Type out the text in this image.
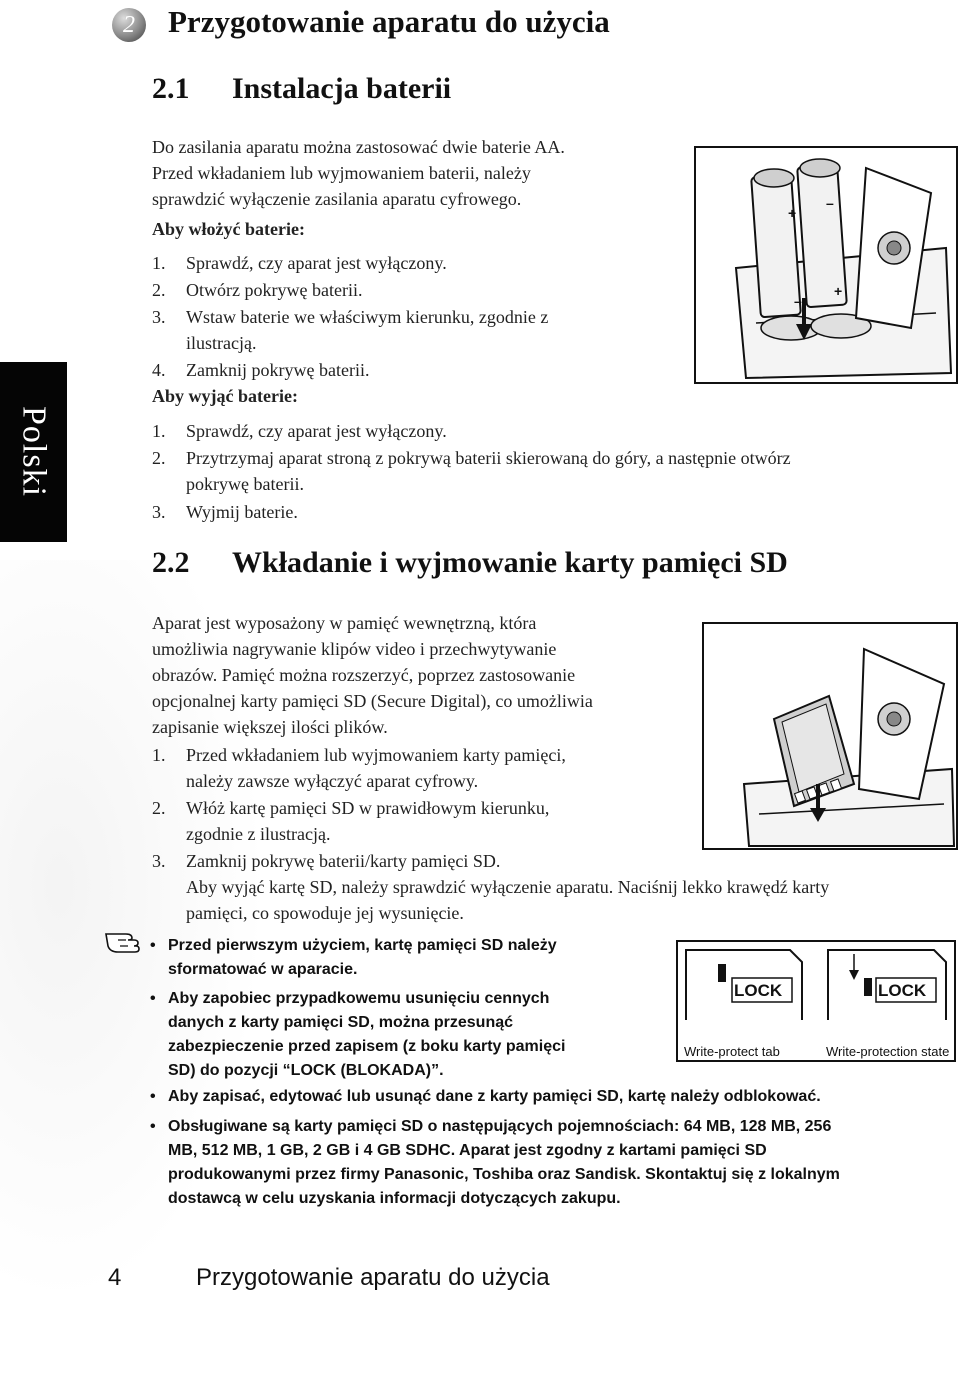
2	Przygotowanie aparatu do użycia
Polski
2.1 Instalacja baterii
Do zasilania aparatu można zastosować dwie baterie AA.
Przed wkładaniem lub wyjmowaniem baterii, należy
sprawdzić wyłączenie zasilania aparatu cyfrowego.
Aby włożyć baterie:
1.	Sprawdź, czy aparat jest wyłączony.
2.	Otwórz pokrywę baterii.
3.	Wstaw baterie we właściwym kierunku, zgodnie z
ilustracją.
4.	Zamknij pokrywę baterii.
Aby wyjąć baterie:
1.	Sprawdź, czy aparat jest wyłączony.
2.	Przytrzymaj aparat stroną z pokrywą baterii skierowaną do góry, a następnie otwórz
pokrywę baterii.
3.	Wyjmij baterie.
+
–
–
+
2.2 Wkładanie i wyjmowanie karty pamięci SD
Aparat jest wyposażony w pamięć wewnętrzną, która
umożliwia nagrywanie klipów video i przechwytywanie
obrazów. Pamięć można rozszerzyć, poprzez zastosowanie
opcjonalnej karty pamięci SD (Secure Digital), co umożliwia
zapisanie większej ilości plików.
1.	Przed wkładaniem lub wyjmowaniem karty pamięci,
należy zawsze wyłączyć aparat cyfrowy.
2.	Włóż kartę pamięci SD w prawidłowym kierunku,
zgodnie z ilustracją.
3.	Zamknij pokrywę baterii/karty pamięci SD.
Aby wyjąć kartę SD, należy sprawdzić wyłączenie aparatu. Naciśnij lekko krawędź karty
pamięci, co spowoduje jej wysunięcie.
• Przed pierwszym użyciem, kartę pamięci SD należy
sformatować w aparacie.
• Aby zapobiec przypadkowemu usunięciu cennych
danych z karty pamięci SD, można przesunąć
zabezpieczenie przed zapisem (z boku karty pamięci
SD) do pozycji “LOCK (BLOKADA)”.
LOCK	LOCK
Write-protect tab	Write-protection state
• Aby zapisać, edytować lub usunąć dane z karty pamięci SD, kartę należy odblokować.
• Obsługiwane są karty pamięci SD o następujących pojemnościach: 64 MB, 128 MB, 256
MB, 512 MB, 1 GB, 2 GB i 4 GB SDHC. Aparat jest zgodny z kartami pamięci SD
produkowanymi przez firmy Panasonic, Toshiba oraz Sandisk. Skontaktuj się z lokalnym
dostawcą w celu uzyskania informacji dotyczących zakupu.
4	Przygotowanie aparatu do użycia
